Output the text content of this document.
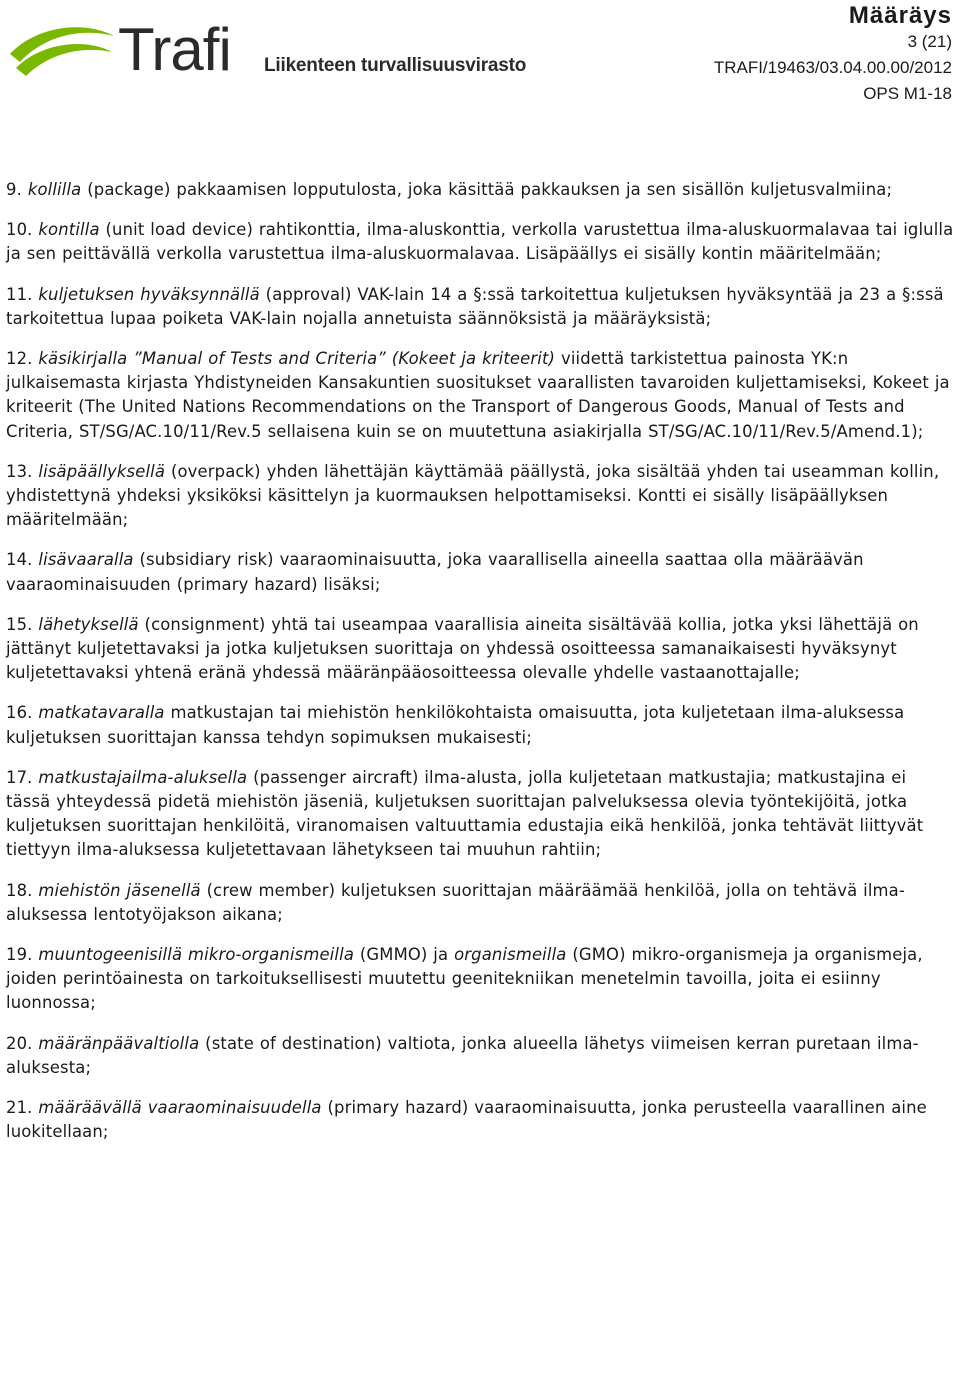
Trafi Liikenteen turvallisuusvirasto
Määräys
3 (21)
TRAFI/19463/03.04.00.00/2012
OPS M1-18

9. kollilla (package) pakkaamisen lopputulosta, joka käsittää pakkauksen ja sen sisällön kuljetusvalmiina;

10. kontilla (unit load device) rahtikonttia, ilma-aluskonttia, verkolla varustettua ilma-aluskuormalavaa tai iglulla ja sen peittävällä verkolla varustettua ilma-aluskuormalavaa. Lisäpäällys ei sisälly kontin määritelmään;

11. kuljetuksen hyväksynnällä (approval) VAK-lain 14 a §:ssä tarkoitettua kuljetuksen hyväksyntää ja 23 a §:ssä tarkoitettua lupaa poiketa VAK-lain nojalla annetuista säännöksistä ja määräyksistä;

12. käsikirjalla ”Manual of Tests and Criteria” (Kokeet ja kriteerit) viidettä tarkistettua painosta YK:n julkaisemasta kirjasta Yhdistyneiden Kansakuntien suositukset vaarallisten tavaroiden kuljettamiseksi, Kokeet ja kriteerit (The United Nations Recommendations on the Transport of Dangerous Goods, Manual of Tests and Criteria, ST/SG/AC.10/11/Rev.5 sellaisena kuin se on muutettuna asiakirjalla ST/SG/AC.10/11/Rev.5/Amend.1);

13. lisäpäällyksellä (overpack) yhden lähettäjän käyttämää päällystä, joka sisältää yhden tai useamman kollin, yhdistettynä yhdeksi yksiköksi käsittelyn ja kuormauksen helpottamiseksi. Kontti ei sisälly lisäpäällyksen määritelmään;

14. lisävaaralla (subsidiary risk) vaaraominaisuutta, joka vaarallisella aineella saattaa olla määräävän vaaraominaisuuden (primary hazard) lisäksi;

15. lähetyksellä (consignment) yhtä tai useampaa vaarallisia aineita sisältävää kollia, jotka yksi lähettäjä on jättänyt kuljetettavaksi ja jotka kuljetuksen suorittaja on yhdessä osoitteessa samanaikaisesti hyväksynyt kuljetettavaksi yhtenä eränä yhdessä määränpääosoitteessa olevalle yhdelle vastaanottajalle;

16. matkatavaralla matkustajan tai miehistön henkilökohtaista omaisuutta, jota kuljetetaan ilma-aluksessa kuljetuksen suorittajan kanssa tehdyn sopimuksen mukaisesti;

17. matkustajailma-aluksella (passenger aircraft) ilma-alusta, jolla kuljetetaan matkustajia; matkustajina ei tässä yhteydessä pidetä miehistön jäseniä, kuljetuksen suorittajan palveluksessa olevia työntekijöitä, jotka kuljetuksen suorittajan henkilöitä, viranomaisen valtuuttamia edustajia eikä henkilöä, jonka tehtävät liittyvät tiettyyn ilma-aluksessa kuljetettavaan lähetykseen tai muuhun rahtiin;

18. miehistön jäsenellä (crew member) kuljetuksen suorittajan määräämää henkilöä, jolla on tehtävä ilma-aluksessa lentotyöjakson aikana;

19. muuntogeenisillä mikro-organismeilla (GMMO) ja organismeilla (GMO) mikro-organismeja ja organismeja, joiden perintöainesta on tarkoituksellisesti muutettu geenitekniikan menetelmin tavoilla, joita ei esiinny luonnossa;

20. määränpäävaltiolla (state of destination) valtiota, jonka alueella lähetys viimeisen kerran puretaan ilma-aluksesta;

21. määräävällä vaaraominaisuudella (primary hazard) vaaraominaisuutta, jonka perusteella vaarallinen aine luokitellaan;
